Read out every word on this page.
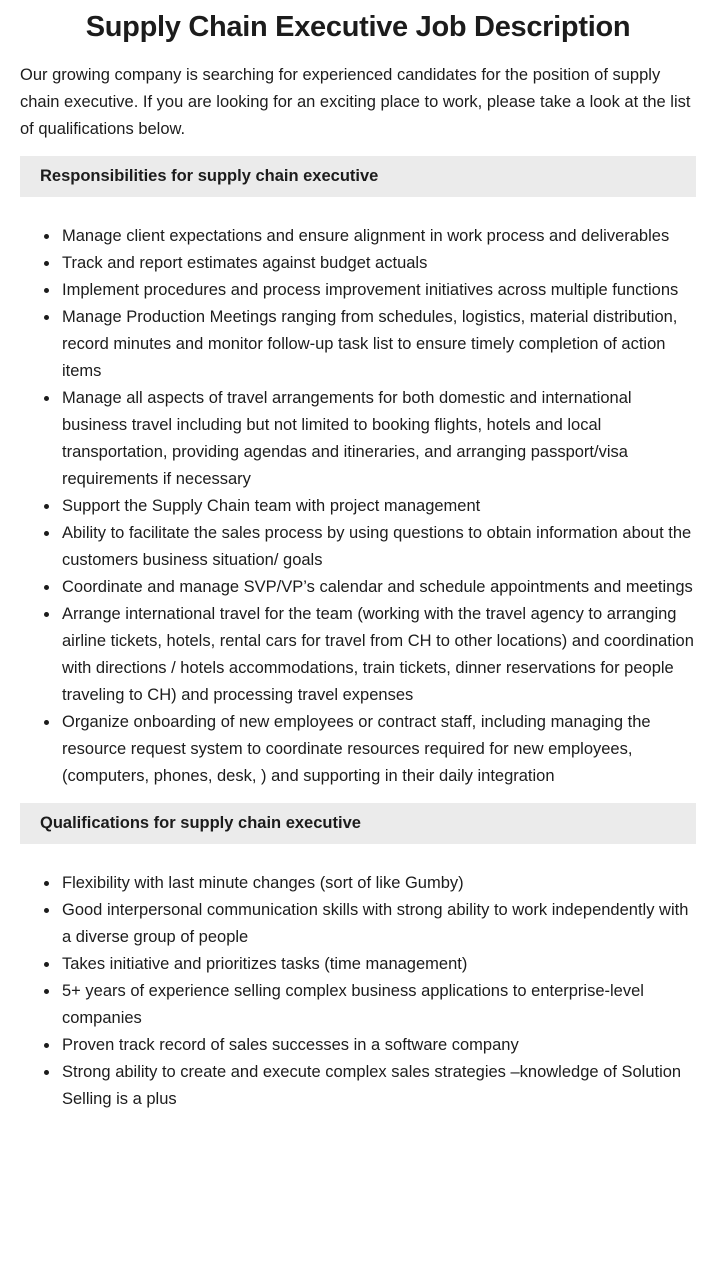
Supply Chain Executive Job Description

Our growing company is searching for experienced candidates for the position of supply chain executive. If you are looking for an exciting place to work, please take a look at the list of qualifications below.

Responsibilities for supply chain executive
• Manage client expectations and ensure alignment in work process and deliverables
• Track and report estimates against budget actuals
• Implement procedures and process improvement initiatives across multiple functions
• Manage Production Meetings ranging from schedules, logistics, material distribution, record minutes and monitor follow-up task list to ensure timely completion of action items
• Manage all aspects of travel arrangements for both domestic and international business travel including but not limited to booking flights, hotels and local transportation, providing agendas and itineraries, and arranging passport/visa requirements if necessary
• Support the Supply Chain team with project management
• Ability to facilitate the sales process by using questions to obtain information about the customers business situation/ goals
• Coordinate and manage SVP/VP’s calendar and schedule appointments and meetings
• Arrange international travel for the team (working with the travel agency to arranging airline tickets, hotels, rental cars for travel from CH to other locations) and coordination with directions / hotels accommodations, train tickets, dinner reservations for people traveling to CH) and processing travel expenses
• Organize onboarding of new employees or contract staff, including managing the resource request system to coordinate resources required for new employees, (computers, phones, desk, ) and supporting in their daily integration
Qualifications for supply chain executive
• Flexibility with last minute changes (sort of like Gumby)
• Good interpersonal communication skills with strong ability to work independently with a diverse group of people
• Takes initiative and prioritizes tasks (time management)
• 5+ years of experience selling complex business applications to enterprise-level companies
• Proven track record of sales successes in a software company
• Strong ability to create and execute complex sales strategies –knowledge of Solution Selling is a plus
